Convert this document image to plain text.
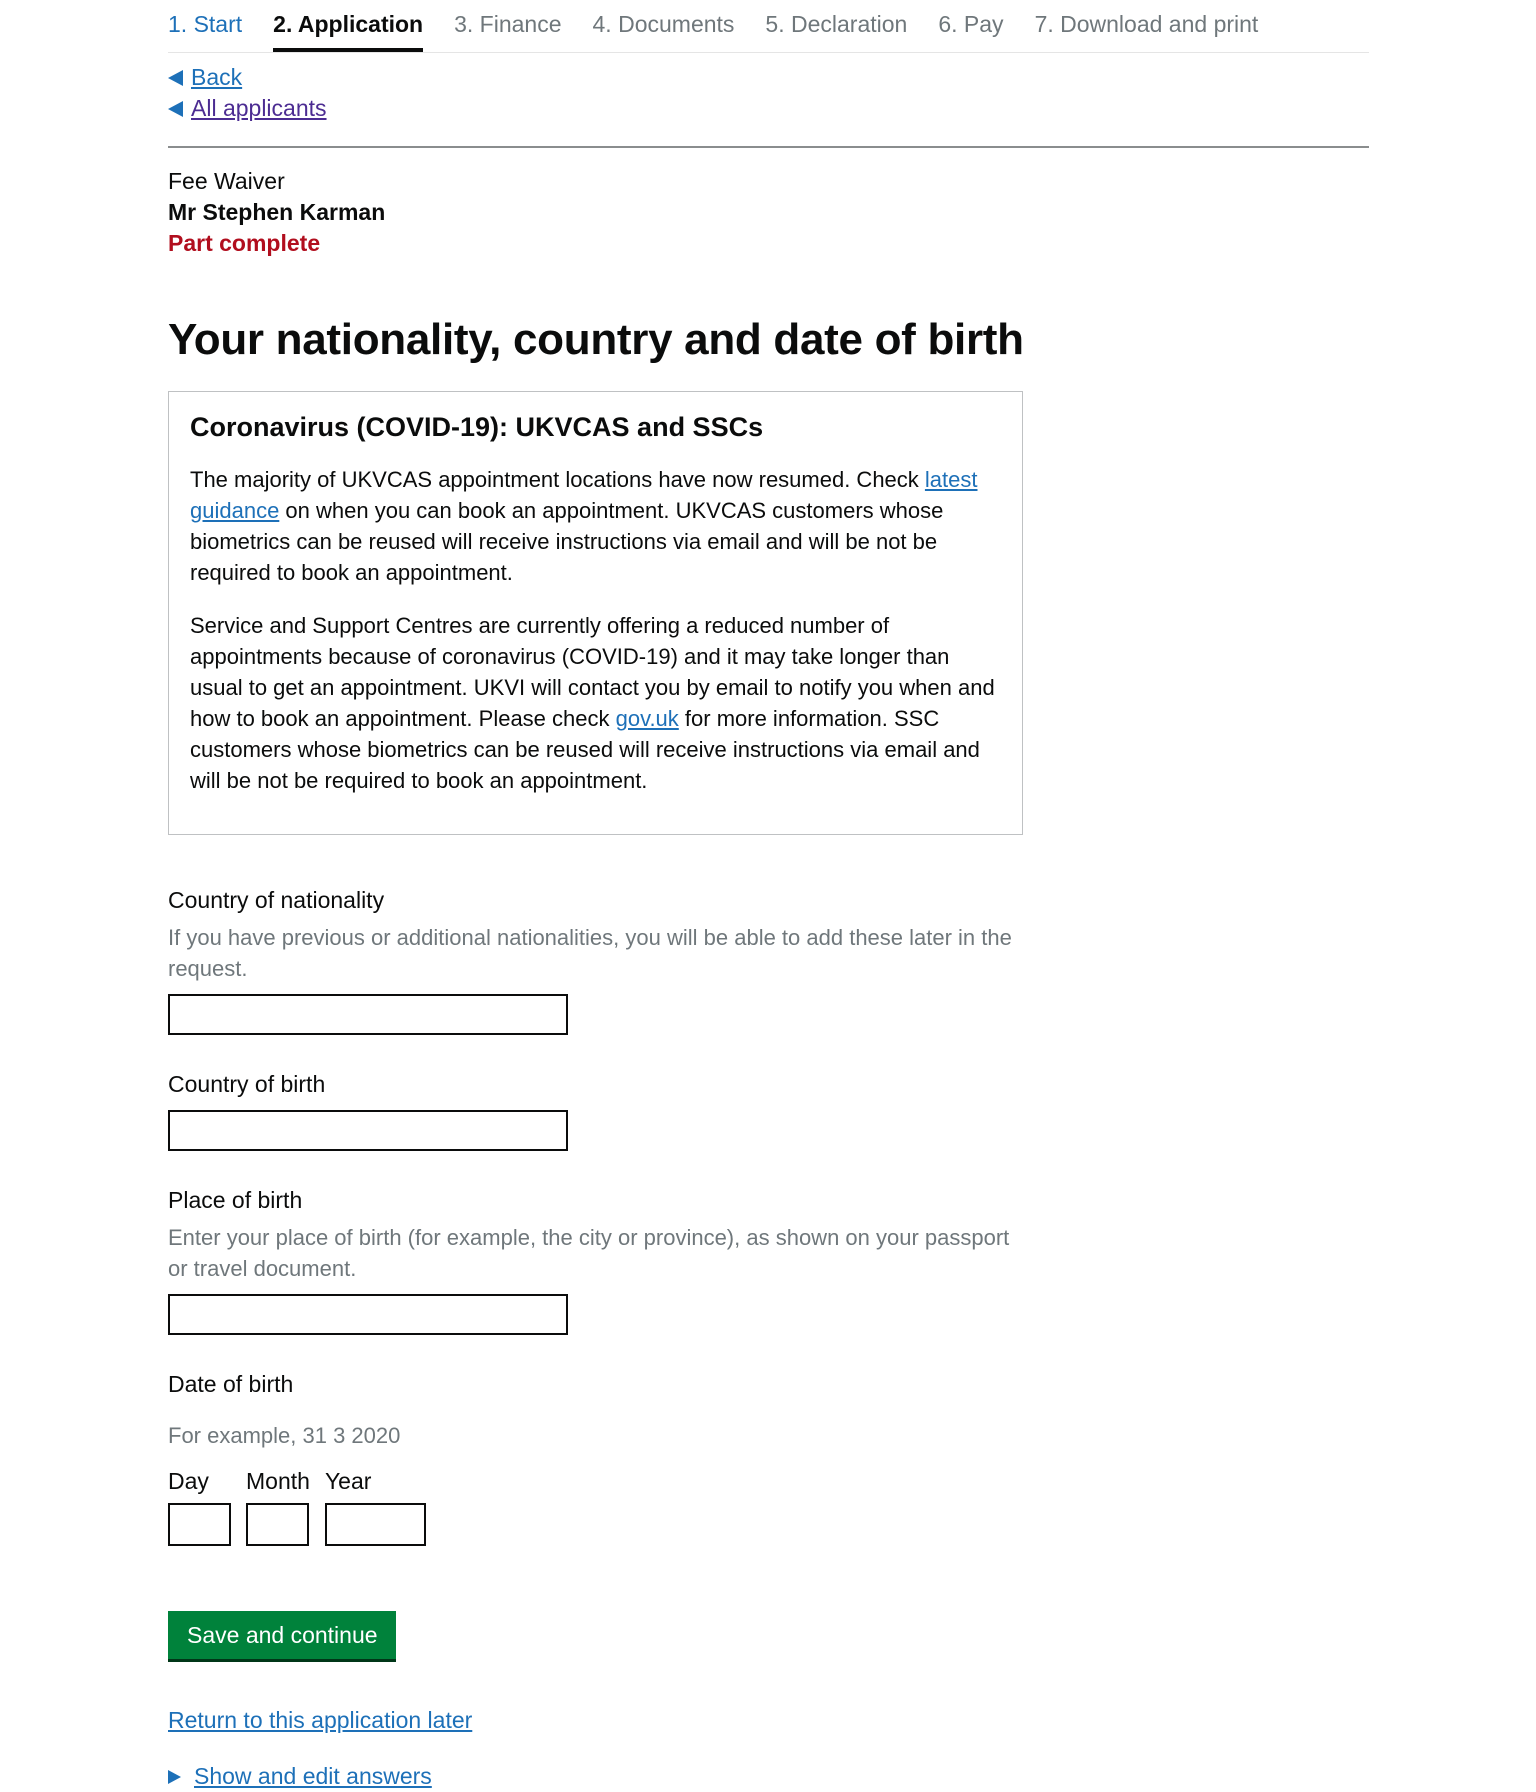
1. Start 2. Application 3. Finance 4. Documents 5. Declaration 6. Pay 7. Download and print
Back
All applicants
Fee Waiver
Mr Stephen Karman
Part complete
Your nationality, country and date of birth
Coronavirus (COVID-19): UKVCAS and SSCs

The majority of UKVCAS appointment locations have now resumed. Check latest guidance on when you can book an appointment. UKVCAS customers whose biometrics can be reused will receive instructions via email and will be not be required to book an appointment.

Service and Support Centres are currently offering a reduced number of appointments because of coronavirus (COVID-19) and it may take longer than usual to get an appointment. UKVI will contact you by email to notify you when and how to book an appointment. Please check gov.uk for more information. SSC customers whose biometrics can be reused will receive instructions via email and will be not be required to book an appointment.

Country of nationality
If you have previous or additional nationalities, you will be able to add these later in the request.
Country of birth
Place of birth
Enter your place of birth (for example, the city or province), as shown on your passport or travel document.
Date of birth
For example, 31 3 2020
Day	Month Year
Save and continue
Return to this application later
Show and edit answers
